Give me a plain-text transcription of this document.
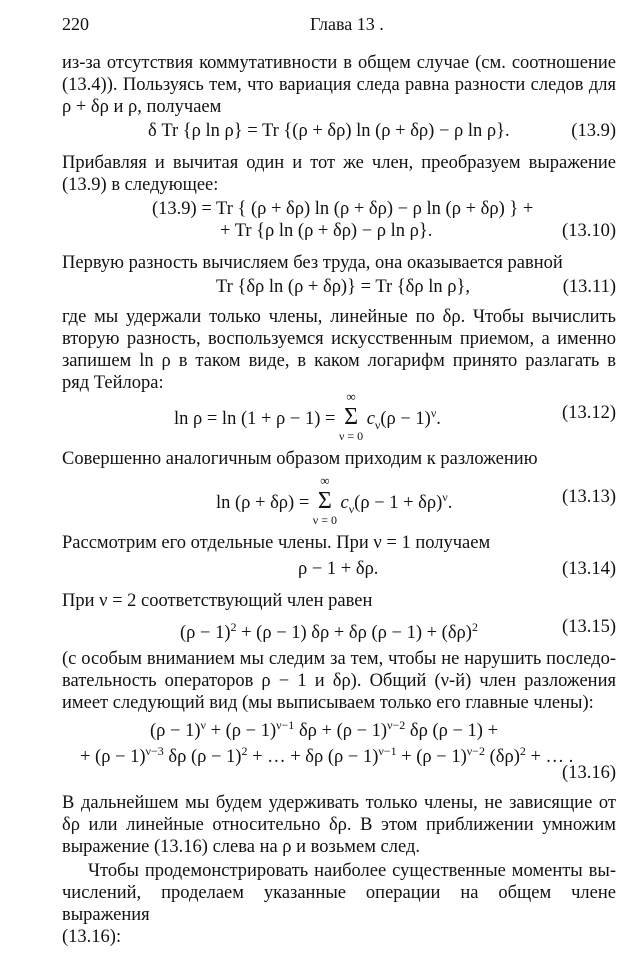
220	Глава 13 .
из-за отсутствия коммутативности в общем случае (см. соотношение
(13.4)). Пользуясь тем, что вариация следа равна разности следов для
ρ + δρ и ρ, получаем
δ Tr {ρ ln ρ} = Tr {(ρ + δρ) ln (ρ + δρ) − ρ ln ρ}.	(13.9)
Прибавляя и вычитая один и тот же член, преобразуем выражение
(13.9) в следующее:
(13.9) = Tr { (ρ + δρ) ln (ρ + δρ) − ρ ln (ρ + δρ) } +
+ Tr {ρ ln (ρ + δρ) − ρ ln ρ}.	(13.10)
Первую разность вычисляем без труда, она оказывается равной
Tr {δρ ln (ρ + δρ)} = Tr {δρ ln ρ},	(13.11)
где мы удержали только члены, линейные по δρ. Чтобы вычислить
вторую разность, воспользуемся искусственным приемом, а именно
запишем ln ρ в таком виде, в каком логарифм принято разлагать в
ряд Тейлора:
ln ρ = ln (1 + ρ − 1) =
∞
Σ
ν = 0
$c_\nu(\rho - 1)^\nu$.	(13.12)
Совершенно аналогичным образом приходим к разложению
ln (ρ + δρ) =
∞
Σ
ν = 0
$c_\nu(\rho - 1 + \delta\rho)^\nu$.	(13.13)
Рассмотрим его отдельные члены. При ν = 1 получаем
ρ − 1 + δρ.	(13.14)
При ν = 2 соответствующий член равен
$(\rho - 1)^2 + (\rho - 1)$ δρ + δρ $(\rho - 1) + (\delta\rho)^2$	(13.15)
(с особым вниманием мы следим за тем, чтобы не нарушить последо-
вательность операторов ρ − 1 и δρ). Общий (ν-й) член разложения
имеет следующий вид (мы выписываем только его главные члены):
$(\rho - 1)^\nu + (\rho - 1)^{\nu-1}$ $\delta\rho + (\rho - 1)^{\nu-2}$ δρ (ρ − 1) +
+ $(\rho - 1)^{\nu-3}$ δρ $(\rho - 1)^2$ + … + δρ $(\rho - 1)^{\nu-1} + (\rho - 1)^{\nu-2}$ $(\delta\rho)^2$ + … .
(13.16)
В дальнейшем мы будем удерживать только члены, не зависящие от
δρ или линейные относительно δρ. В этом приближении умножим
выражение (13.16) слева на ρ и возьмем след.
Чтобы продемонстрировать наиболее существенные моменты вы-
числений, проделаем указанные операции на общем члене выражения
(13.16):
